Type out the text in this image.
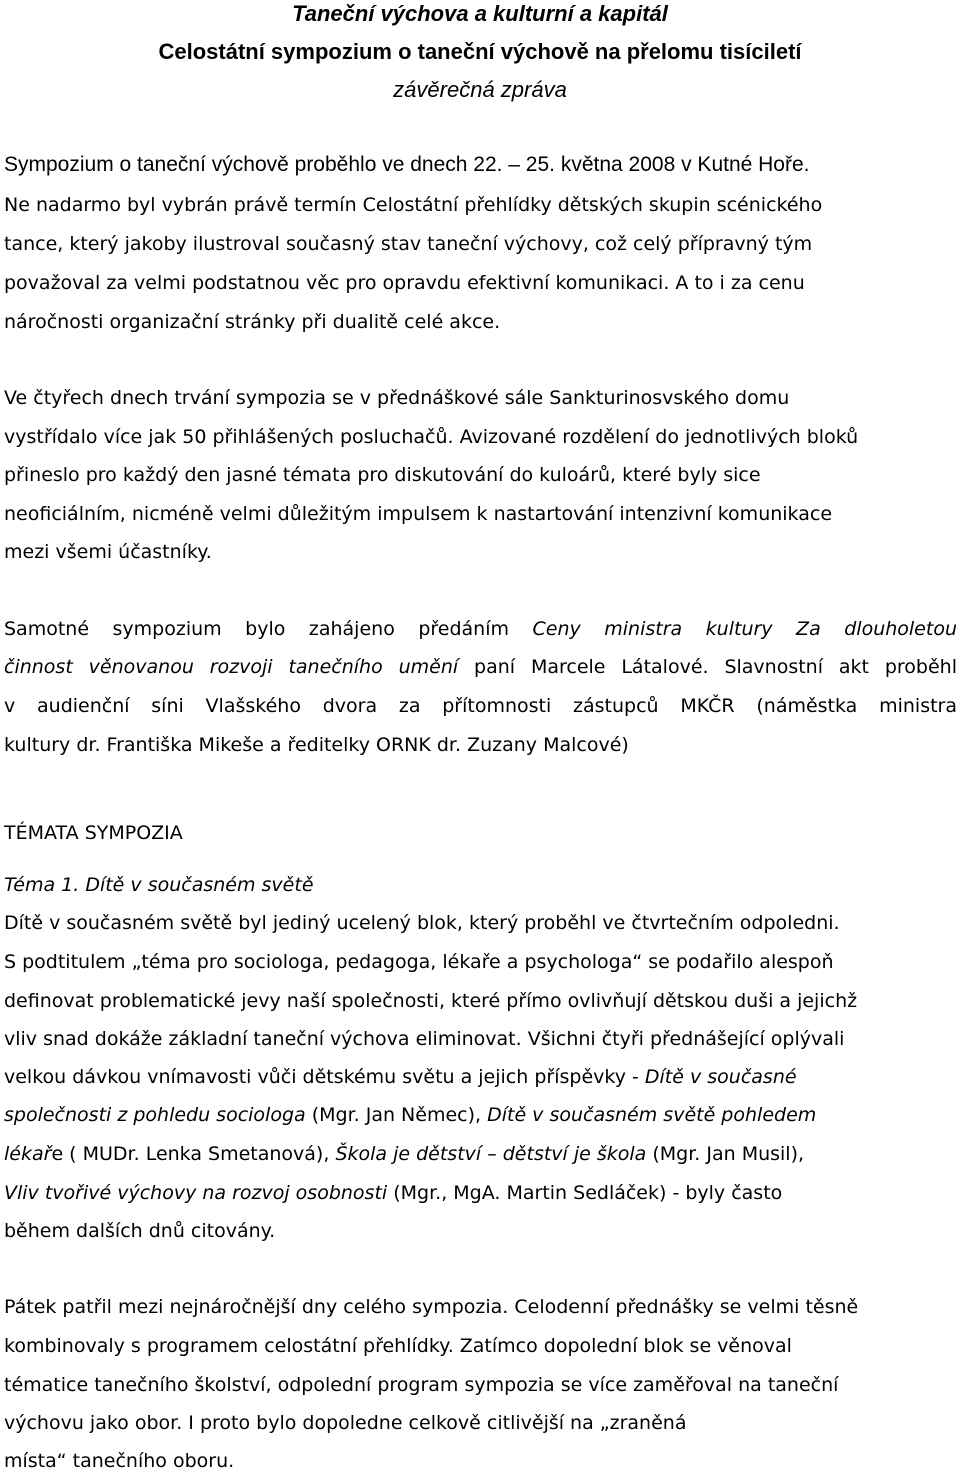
Taneční výchova a kulturní a kapitál
Celostátní sympozium o taneční výchově na přelomu tisíciletí
závěrečná zpráva
Sympozium o taneční výchově proběhlo ve dnech 22. – 25. května 2008 v Kutné Hoře.
Ne nadarmo byl vybrán právě termín Celostátní přehlídky dětských skupin scénického
tance, který jakoby ilustroval současný stav taneční výchovy, což celý přípravný tým
považoval za velmi podstatnou věc pro opravdu efektivní komunikaci. A to i za cenu
náročnosti organizační stránky při dualitě celé akce.
Ve čtyřech dnech trvání sympozia se v přednáškové sále Sankturinosvského domu
vystřídalo více jak 50 přihlášených posluchačů. Avizované rozdělení do jednotlivých bloků
přineslo pro každý den jasné témata pro diskutování do kuloárů, které byly sice
neoficiálním, nicméně velmi důležitým impulsem k nastartování intenzivní komunikace
mezi všemi účastníky.
Samotné sympozium bylo zahájeno předáním Ceny ministra kultury Za dlouholetou
činnost věnovanou rozvoji tanečního umění paní Marcele Látalové. Slavnostní akt proběhl
v audienční síni Vlašského dvora za přítomnosti zástupců MKČR (náměstka ministra
kultury dr. Františka Mikeše a ředitelky ORNK dr. Zuzany Malcové)
TÉMATA SYMPOZIA
Téma 1. Dítě v současném světě
Dítě v současném světě byl jediný ucelený blok, který proběhl ve čtvrtečním odpoledni.
S podtitulem „téma pro sociologa, pedagoga, lékaře a psychologa“ se podařilo alespoň
definovat problematické jevy naší společnosti, které přímo ovlivňují dětskou duši a jejichž
vliv snad dokáže základní taneční výchova eliminovat. Všichni čtyři přednášející oplývali
velkou dávkou vnímavosti vůči dětskému světu a jejich příspěvky - Dítě v současné
společnosti z pohledu sociologa (Mgr. Jan Němec), Dítě v současném světě pohledem
lékaře ( MUDr. Lenka Smetanová), Škola je dětství – dětství je škola (Mgr. Jan Musil),
Vliv tvořivé výchovy na rozvoj osobnosti (Mgr., MgA. Martin Sedláček) - byly často
během dalších dnů citovány.
Pátek patřil mezi nejnáročnější dny celého sympozia. Celodenní přednášky se velmi těsně
kombinovaly s programem celostátní přehlídky. Zatímco dopolední blok se věnoval
tématice tanečního školství, odpolední program sympozia se více zaměřoval na taneční
výchovu jako obor. I proto bylo dopoledne celkově citlivější na „zraněná
místa“ tanečního oboru.
